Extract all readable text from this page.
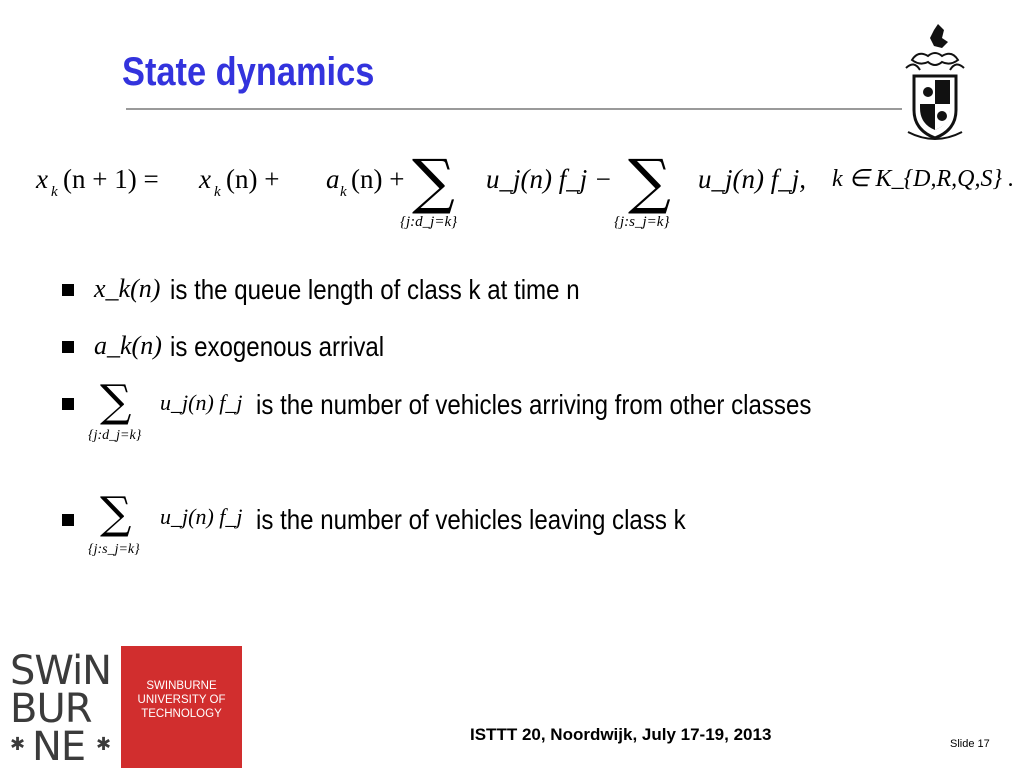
State dynamics
x k (n + 1) = x k (n) + a k (n) + ∑
{j:d_j=k}
u_j(n) f_j − ∑
{j:s_j=k}
u_j(n) f_j, k ∈ K_{D,R,Q,S} .
x_k(n) is the queue length of class k at time n
a_k(n) is exogenous arrival
∑
{j:d_j=k}
u_j(n) f_j is the number of vehicles arriving from other classes
∑
{j:s_j=k}
u_j(n) f_j is the number of vehicles leaving class k
SWiN
BUR
✱ NE ✱
SWINBURNE
UNIVERSITY OF
TECHNOLOGY
ISTTT 20, Noordwijk, July 17-19, 2013	Slide 17
